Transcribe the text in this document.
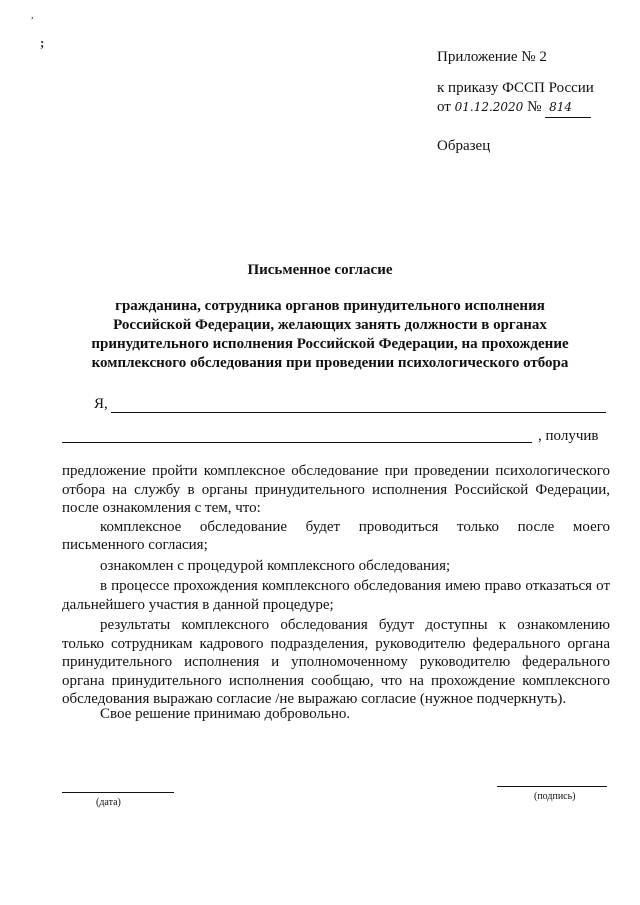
,
;
Приложение № 2
к приказу ФССП России
от 01.12.2020 № 814
Образец
Письменное согласие
гражданина, сотрудника органов принудительного исполнения Российской Федерации, желающих занять должности в органах принудительного исполнения Российской Федерации, на прохождение комплексного обследования при проведении психологического отбора
Я,
, получив

предложение пройти комплексное обследование при проведении психологического отбора на службу в органы принудительного исполнения Российской Федерации, после ознакомления с тем, что:

комплексное обследование будет проводиться только после моего

письменного согласия;

ознакомлен с процедурой комплексного обследования;

в процессе прохождения комплексного обследования имею право отказаться от дальнейшего участия в данной процедуре;

результаты комплексного обследования будут доступны к ознакомлению только сотрудникам кадрового подразделения, руководителю федерального органа принудительного исполнения и уполномоченному руководителю федерального органа принудительного исполнения сообщаю, что на прохождение комплексного обследования выражаю согласие /не выражаю согласие (нужное подчеркнуть).

Свое решение принимаю добровольно.
(дата)
(подпись)
